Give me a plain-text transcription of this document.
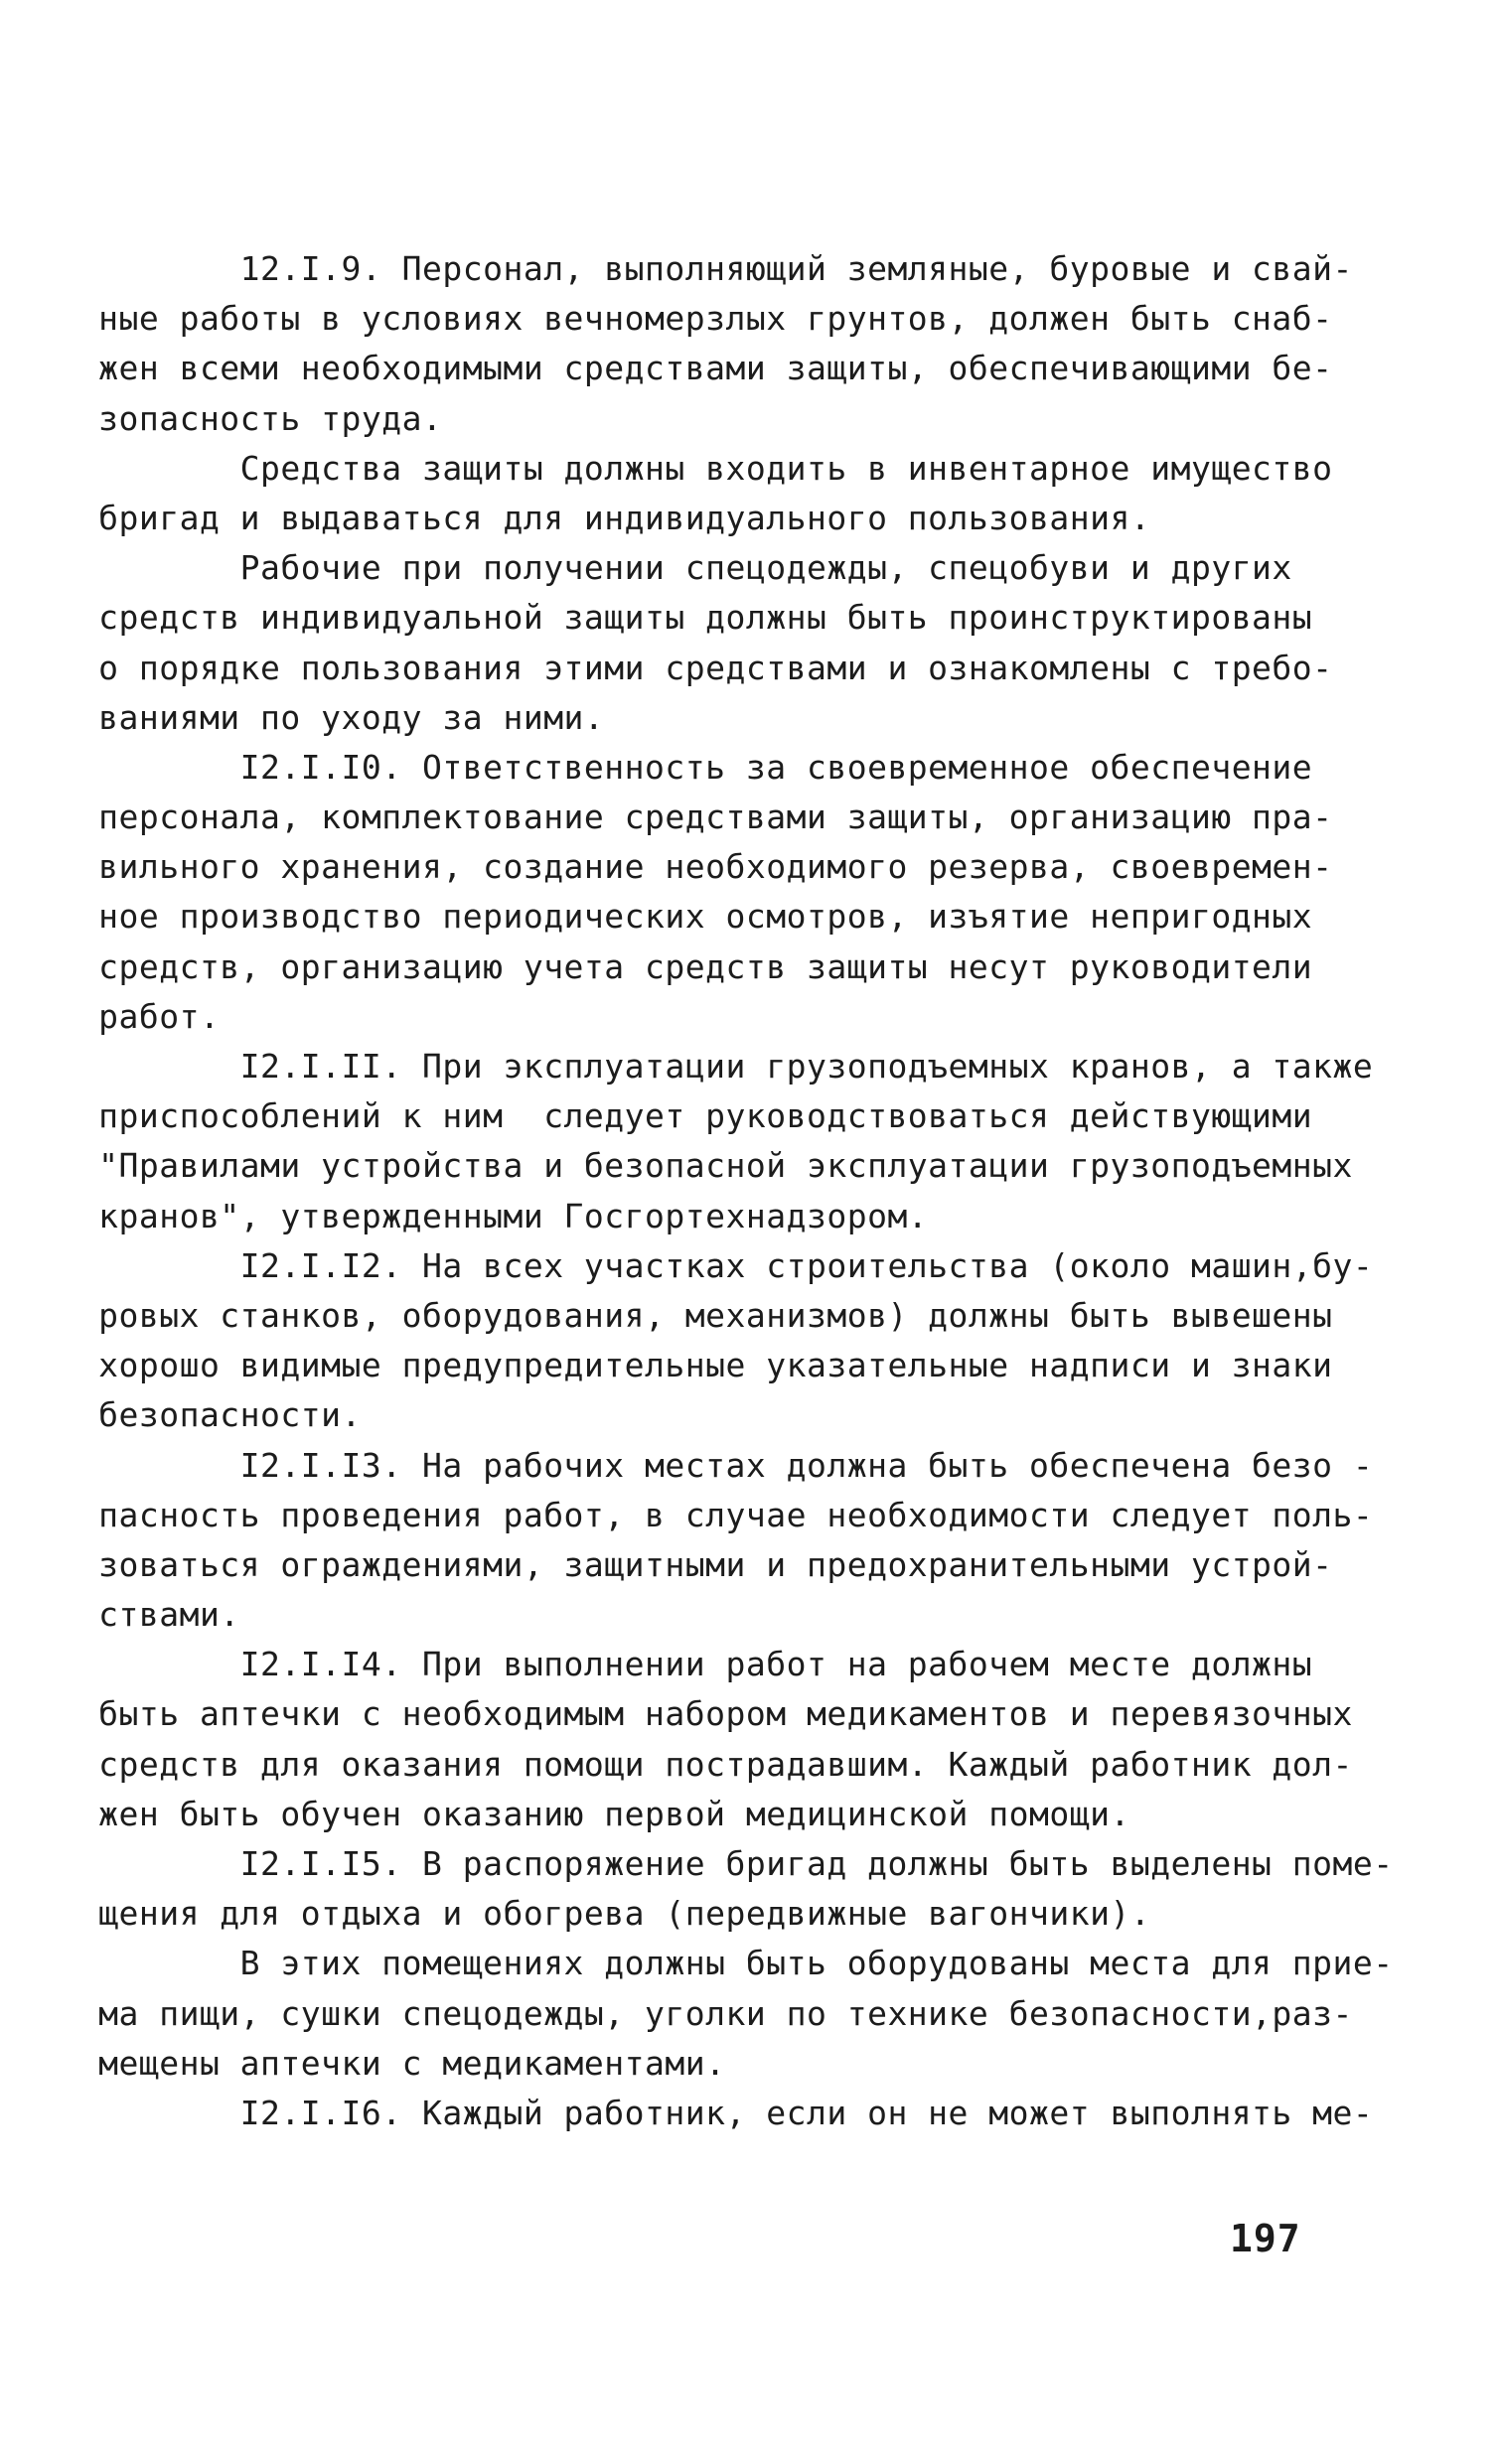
12.I.9. Персонал, выполняющий земляные, буровые и свай-
ные работы в условиях вечномерзлых грунтов, должен быть снаб-
жен всеми необходимыми средствами защиты, обеспечивающими бе-
зопасность труда.
Средства защиты должны входить в инвентарное имущество
бригад и выдаваться для индивидуального пользования.
Рабочие при получении спецодежды, спецобуви и других
средств индивидуальной защиты должны быть проинструктированы
о порядке пользования этими средствами и ознакомлены с требо-
ваниями по уходу за ними.
I2.I.I0. Ответственность за своевременное обеспечение
персонала, комплектование средствами защиты, организацию пра-
вильного хранения, создание необходимого резерва, своевремен-
ное производство периодических осмотров, изъятие непригодных
средств, организацию учета средств защиты несут руководители
работ.
I2.I.II. При эксплуатации грузоподъемных кранов, а также
приспособлений к ним  следует руководствоваться действующими
"Правилами устройства и безопасной эксплуатации грузоподъемных
кранов", утвержденными Госгортехнадзором.
I2.I.I2. На всех участках строительства (около машин,бу-
ровых станков, оборудования, механизмов) должны быть вывешены
хорошо видимые предупредительные указательные надписи и знаки
безопасности.
I2.I.I3. На рабочих местах должна быть обеспечена безо -
пасность проведения работ, в случае необходимости следует поль-
зоваться ограждениями, защитными и предохранительными устрой-
ствами.
I2.I.I4. При выполнении работ на рабочем месте должны
быть аптечки с необходимым набором медикаментов и перевязочных
средств для оказания помощи пострадавшим. Каждый работник дол-
жен быть обучен оказанию первой медицинской помощи.
I2.I.I5. В распоряжение бригад должны быть выделены поме-
щения для отдыха и обогрева (передвижные вагончики).
В этих помещениях должны быть оборудованы места для прие-
ма пищи, сушки спецодежды, уголки по технике безопасности,раз-
мещены аптечки с медикаментами.
I2.I.I6. Каждый работник, если он не может выполнять ме-
197
